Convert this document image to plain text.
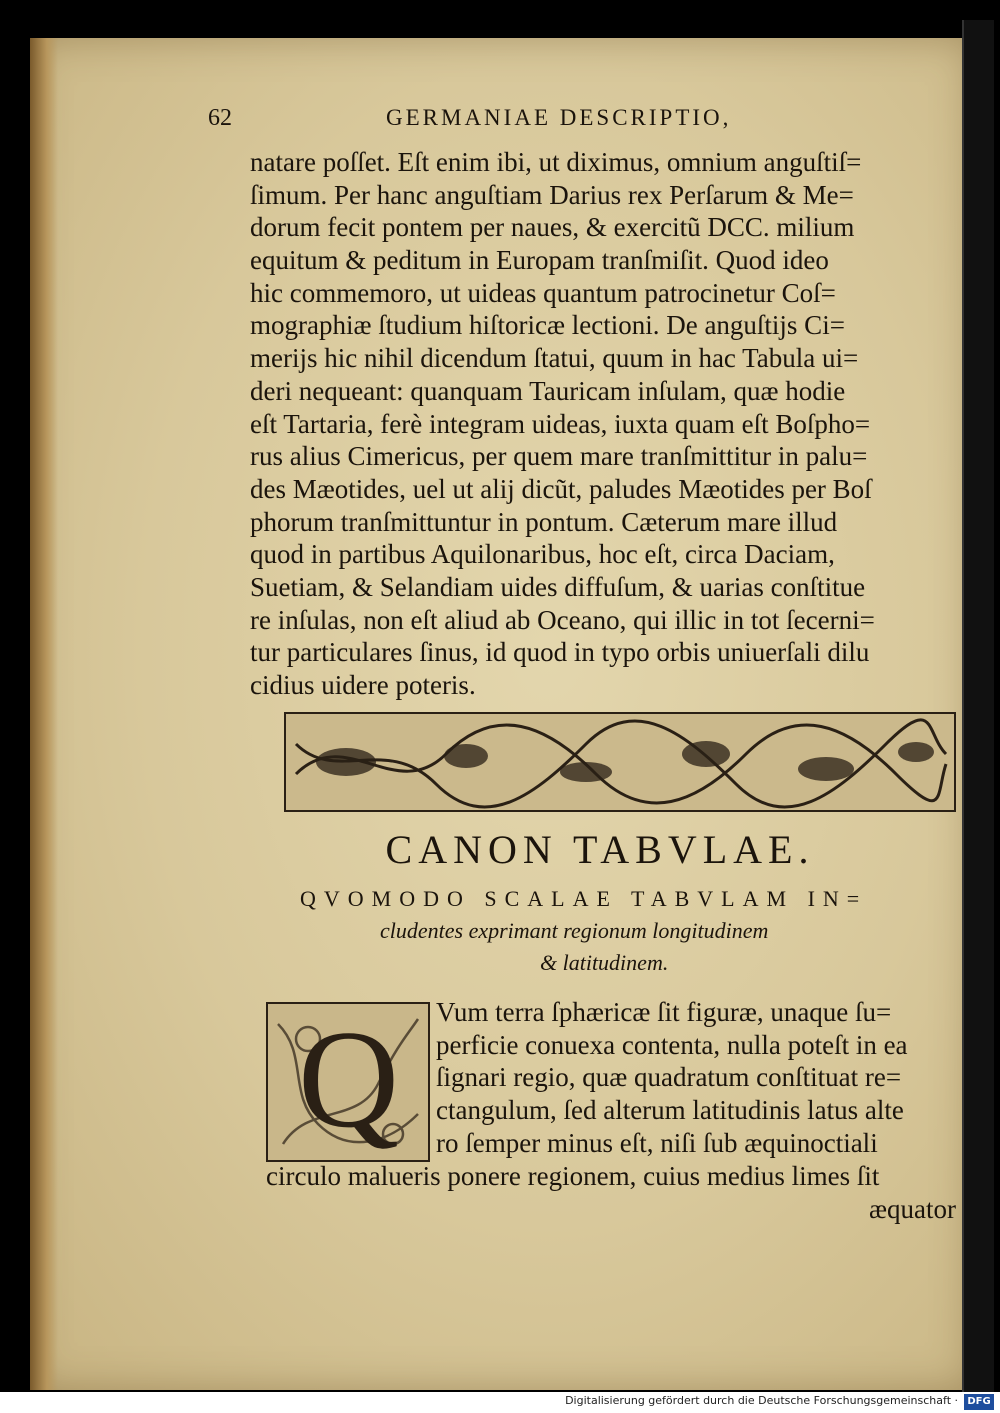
62	GERMANIAE DESCRIPTIO,
natare poſſet. Eſt enim ibi, ut diximus, omnium anguſtiſ=
ſimum. Per hanc anguſtiam Darius rex Perſarum & Me=
dorum fecit pontem per naues, & exercitũ DCC. milium
equitum & peditum in Europam tranſmiſit. Quod ideo
hic commemoro, ut uideas quantum patrocinetur Coſ=
mographiæ ſtudium hiſtoricæ lectioni. De anguſtijs Ci=
merijs hic nihil dicendum ſtatui, quum in hac Tabula ui=
deri nequeant: quanquam Tauricam inſulam, quæ hodie
eſt Tartaria, ferè integram uideas, iuxta quam eſt Boſpho=
rus alius Cimericus, per quem mare tranſmittitur in palu=
des Mæotides, uel ut alij dicũt, paludes Mæotides per Boſ
phorum tranſmittuntur in pontum. Cæterum mare illud
quod in partibus Aquilonaribus, hoc eſt, circa Daciam,
Suetiam, & Selandiam uides diffuſum, & uarias conſtitue
re inſulas, non eſt aliud ab Oceano, qui illic in tot ſecerni=
tur particulares ſinus, id quod in typo orbis uniuerſali dilu
cidius uidere poteris.
CANON TABVLAE.
QVOMODO SCALAE TABVLAM IN=
cludentes exprimant regionum longitudinem
& latitudinem.
Q Vum terra ſphæricæ ſit figuræ, unaque ſu=
perficie conuexa contenta, nulla poteſt in ea
ſignari regio, quæ quadratum conſtituat re=
ctangulum, ſed alterum latitudinis latus alte
ro ſemper minus eſt, niſi ſub æquinoctiali
circulo malueris ponere regionem, cuius medius limes ſit
æquator
Digitalisierung gefördert durch die Deutsche Forschungsgemeinschaft · DFG
